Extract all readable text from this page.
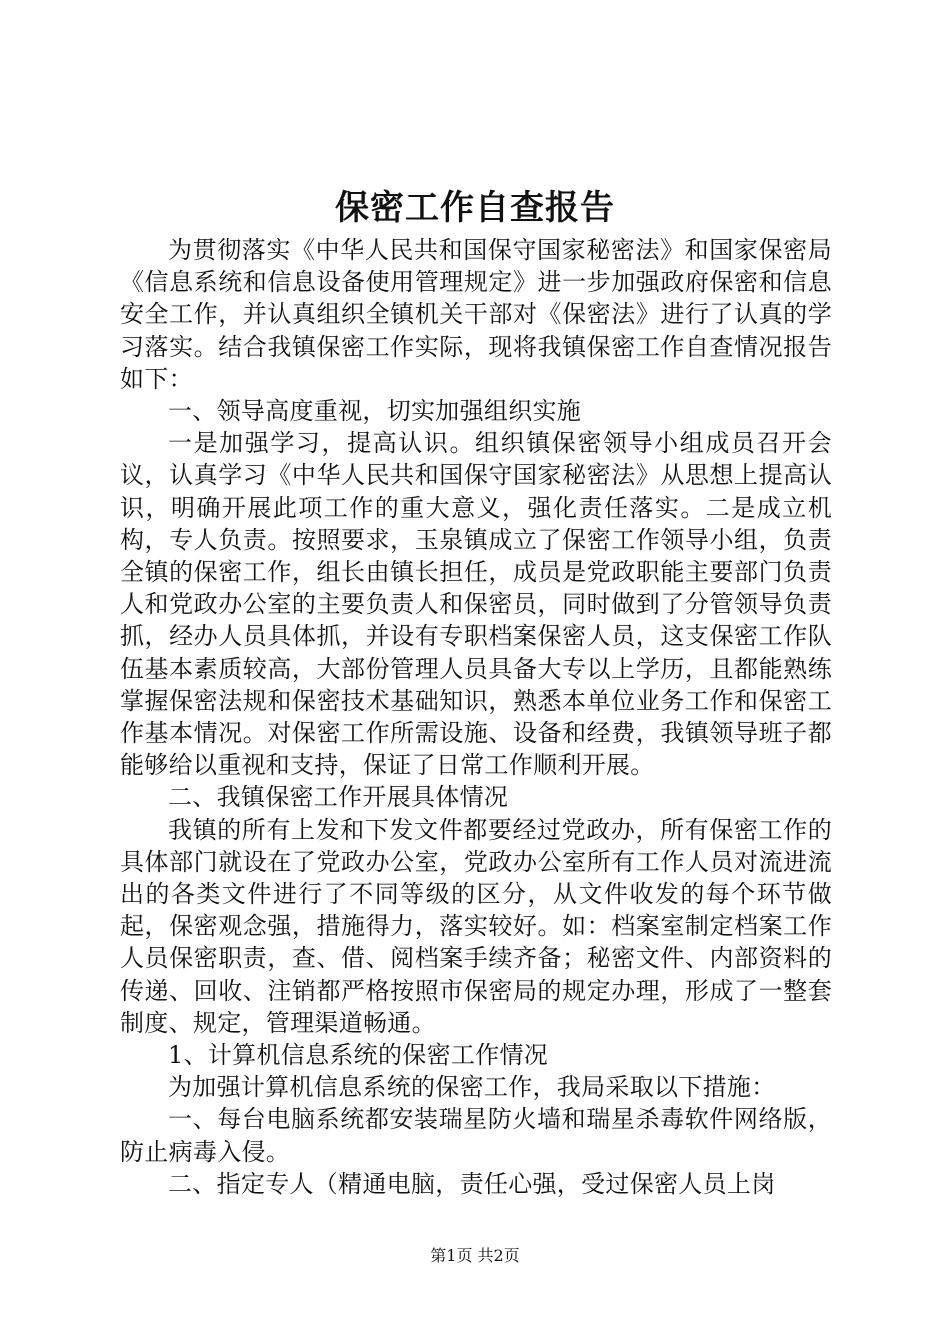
保密工作自查报告

为贯彻落实《中华人民共和国保守国家秘密法》和国家保密局《信息系统和信息设备使用管理规定》进一步加强政府保密和信息安全工作，并认真组织全镇机关干部对《保密法》进行了认真的学习落实。结合我镇保密工作实际，现将我镇保密工作自查情况报告如下：

一、领导高度重视，切实加强组织实施

一是加强学习，提高认识。组织镇保密领导小组成员召开会议，认真学习《中华人民共和国保守国家秘密法》从思想上提高认识，明确开展此项工作的重大意义，强化责任落实。二是成立机构，专人负责。按照要求，玉泉镇成立了保密工作领导小组，负责全镇的保密工作，组长由镇长担任，成员是党政职能主要部门负责人和党政办公室的主要负责人和保密员，同时做到了分管领导负责抓，经办人员具体抓，并设有专职档案保密人员，这支保密工作队伍基本素质较高，大部份管理人员具备大专以上学历，且都能熟练掌握保密法规和保密技术基础知识，熟悉本单位业务工作和保密工作基本情况。对保密工作所需设施、设备和经费，我镇领导班子都能够给以重视和支持，保证了日常工作顺利开展。

二、我镇保密工作开展具体情况

我镇的所有上发和下发文件都要经过党政办，所有保密工作的具体部门就设在了党政办公室，党政办公室所有工作人员对流进流出的各类文件进行了不同等级的区分，从文件收发的每个环节做起，保密观念强，措施得力，落实较好。如：档案室制定档案工作人员保密职责，查、借、阅档案手续齐备；秘密文件、内部资料的传递、回收、注销都严格按照市保密局的规定办理，形成了一整套制度、规定，管理渠道畅通。

1、计算机信息系统的保密工作情况

为加强计算机信息系统的保密工作，我局采取以下措施：

一、每台电脑系统都安装瑞星防火墙和瑞星杀毒软件网络版，防止病毒入侵。

二、指定专人（精通电脑，责任心强，受过保密人员上岗

第1页 共2页
